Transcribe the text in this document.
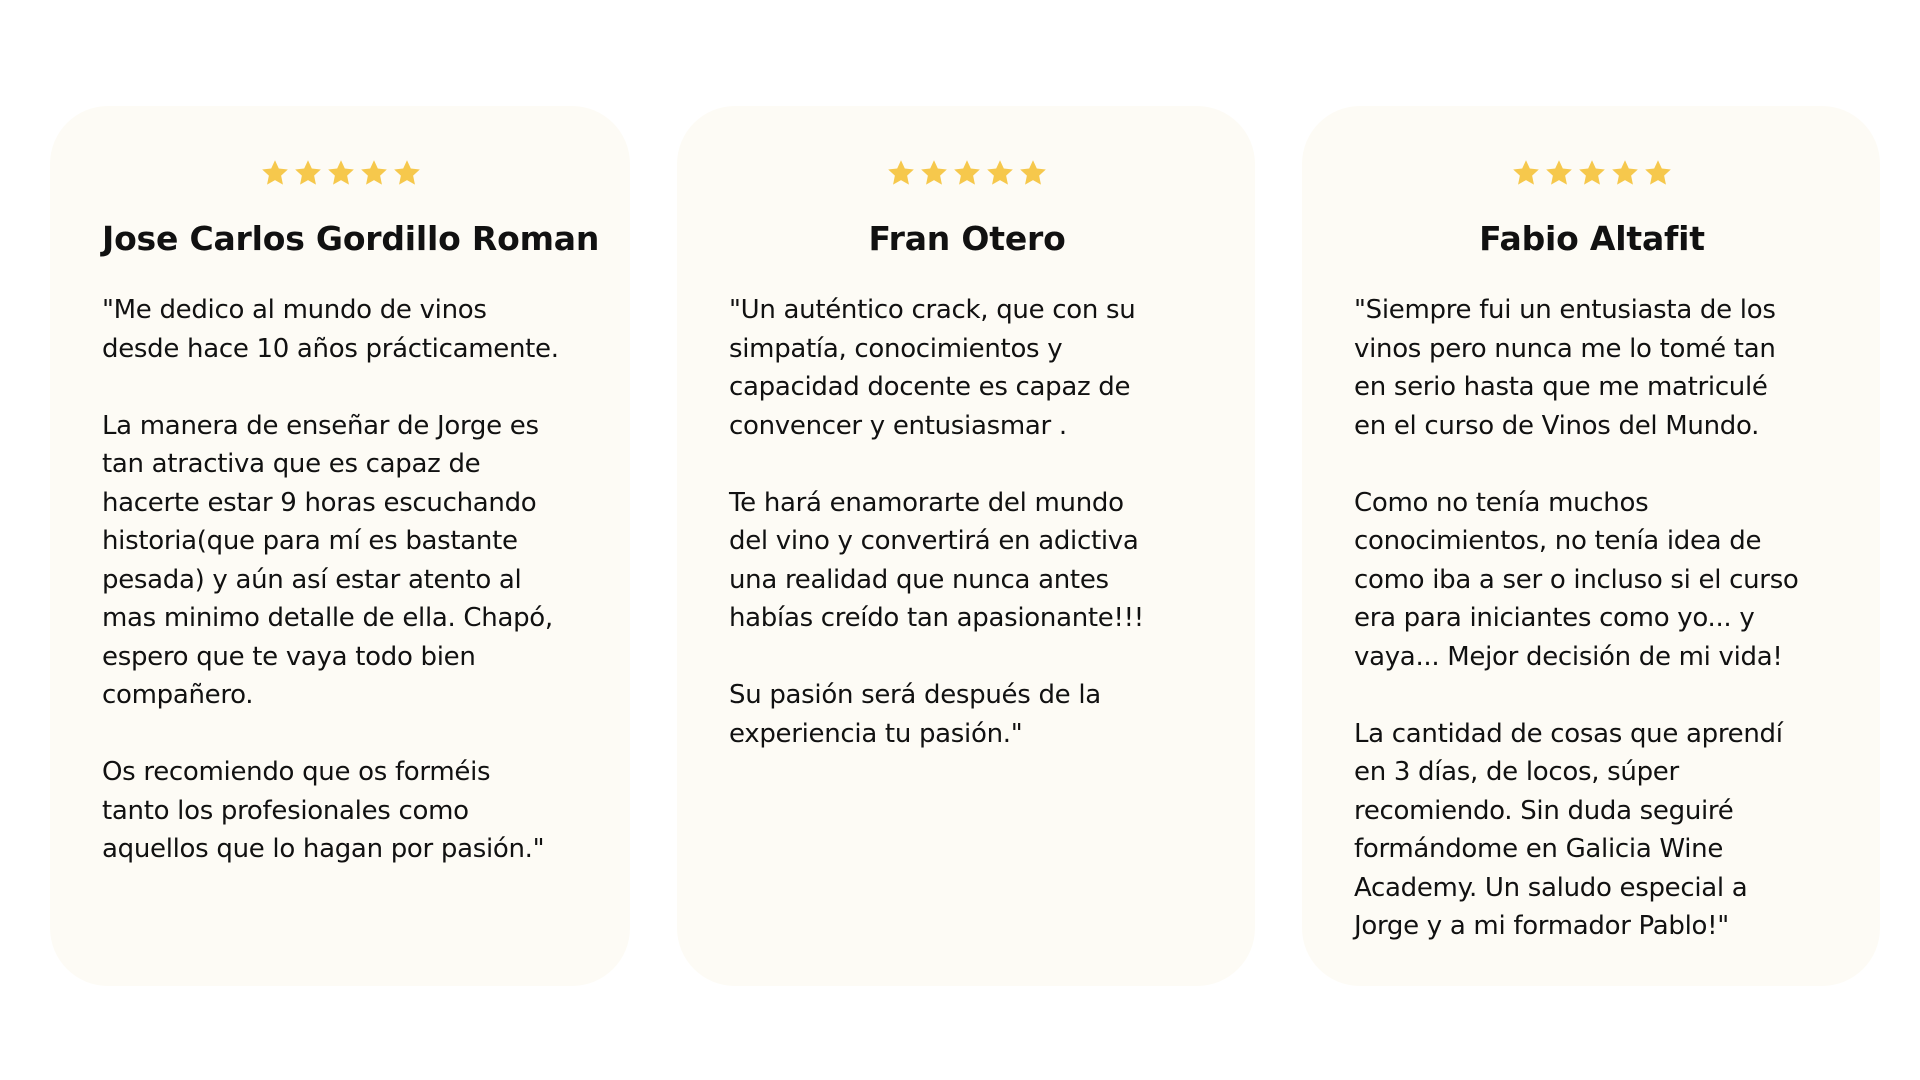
Jose Carlos Gordillo Roman

"Me dedico al mundo de vinos
desde hace 10 años prácticamente.

La manera de enseñar de Jorge es
tan atractiva que es capaz de
hacerte estar 9 horas escuchando
historia(que para mí es bastante
pesada) y aún así estar atento al
mas minimo detalle de ella. Chapó,
espero que te vaya todo bien
compañero.

Os recomiendo que os forméis
tanto los profesionales como
aquellos que lo hagan por pasión."

Fran Otero

"Un auténtico crack, que con su
simpatía, conocimientos y
capacidad docente es capaz de
convencer y entusiasmar .

Te hará enamorarte del mundo
del vino y convertirá en adictiva
una realidad que nunca antes
habías creído tan apasionante!!!

Su pasión será después de la
experiencia tu pasión."

Fabio Altafit

"Siempre fui un entusiasta de los
vinos pero nunca me lo tomé tan
en serio hasta que me matriculé
en el curso de Vinos del Mundo.

Como no tenía muchos
conocimientos, no tenía idea de
como iba a ser o incluso si el curso
era para iniciantes como yo... y
vaya... Mejor decisión de mi vida!

La cantidad de cosas que aprendí
en 3 días, de locos, súper
recomiendo. Sin duda seguiré
formándome en Galicia Wine
Academy. Un saludo especial a
Jorge y a mi formador Pablo!"
